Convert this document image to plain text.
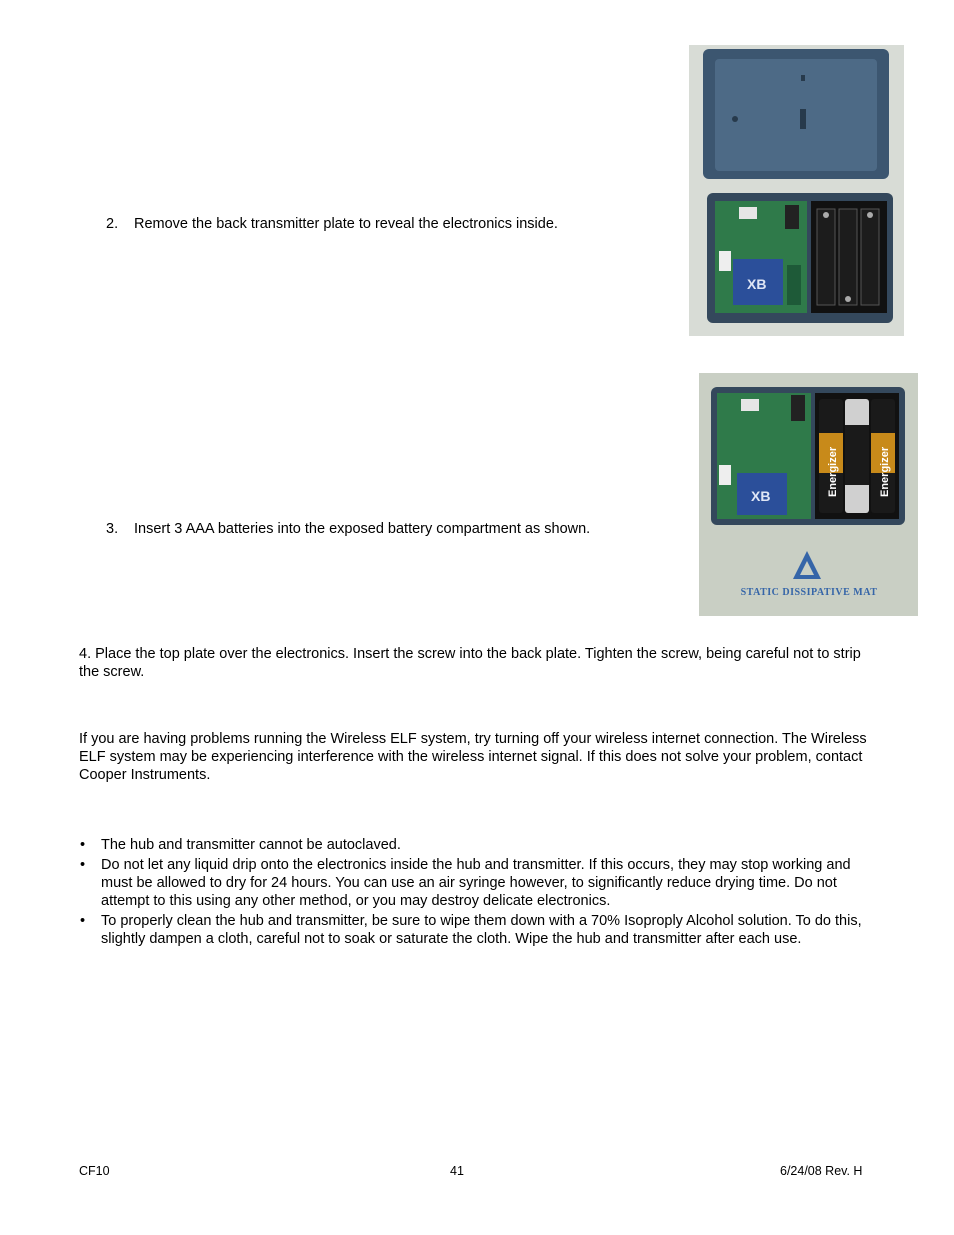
XB
XB	Energizer	Energizer
STATIC DISSIPATIVE MAT
2. Remove the back transmitter plate to reveal the electronics inside.
3. Insert 3 AAA batteries into the exposed battery compartment as shown.
4. Place the top plate over the electronics. Insert the screw into the back plate. Tighten the screw, being careful not to strip the screw.
If you are having problems running the Wireless ELF system, try turning off your wireless internet connection. The Wireless ELF system may be experiencing interference with the wireless internet signal. If this does not solve your problem, contact Cooper Instruments.
• The hub and transmitter cannot be autoclaved.
• Do not let any liquid drip onto the electronics inside the hub and transmitter. If this occurs, they may stop working and must be allowed to dry for 24 hours. You can use an air syringe however, to significantly reduce drying time. Do not attempt to this using any other method, or you may destroy delicate electronics.
• To properly clean the hub and transmitter, be sure to wipe them down with a 70% Isoproply Alcohol solution. To do this, slightly dampen a cloth, careful not to soak or saturate the cloth. Wipe the hub and transmitter after each use.
CF10	41	6/24/08 Rev. H
